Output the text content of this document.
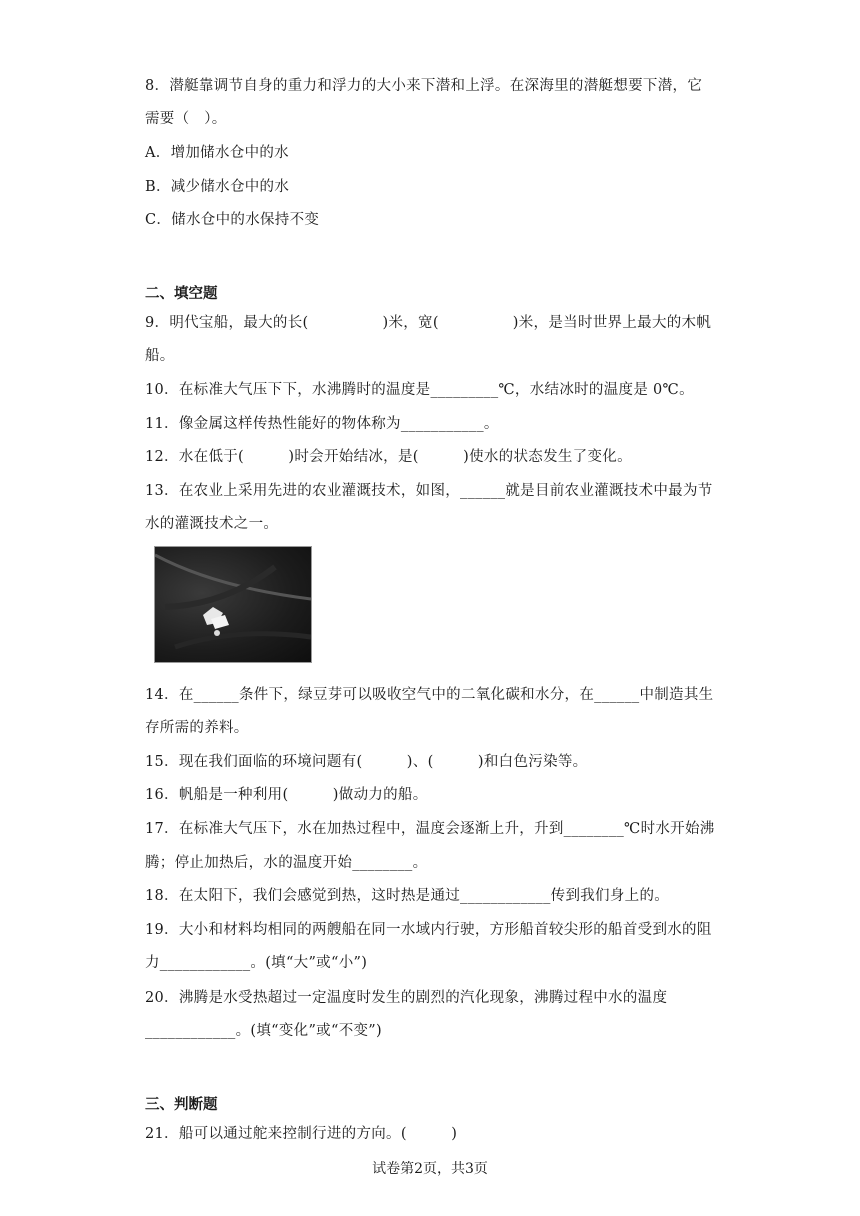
8．潜艇靠调节自身的重力和浮力的大小来下潜和上浮。在深海里的潜艇想要下潜，它
需要（　）。
A．增加储水仓中的水
B．减少储水仓中的水
C．储水仓中的水保持不变
二、填空题
9．明代宝船，最大的长(　　　　　)米，宽(　　　　　)米，是当时世界上最大的木帆
船。
10．在标准大气压下下，水沸腾时的温度是_________℃，水结冰时的温度是 0℃。
11．像金属这样传热性能好的物体称为___________。
12．水在低于(　　　)时会开始结冰，是(　　　)使水的状态发生了变化。
13．在农业上采用先进的农业灌溉技术，如图，______就是目前农业灌溉技术中最为节
水的灌溉技术之一。
14．在______条件下，绿豆芽可以吸收空气中的二氧化碳和水分，在______中制造其生
存所需的养料。
15．现在我们面临的环境问题有(　　　)、(　　　)和白色污染等。
16．帆船是一种利用(　　　)做动力的船。
17．在标准大气压下，水在加热过程中，温度会逐渐上升，升到________℃时水开始沸
腾；停止加热后，水的温度开始________。
18．在太阳下，我们会感觉到热，这时热是通过____________传到我们身上的。
19．大小和材料均相同的两艘船在同一水域内行驶，方形船首较尖形的船首受到水的阻
力____________。(填“大”或“小”)
20．沸腾是水受热超过一定温度时发生的剧烈的汽化现象，沸腾过程中水的温度
____________。(填“变化”或“不变”)
三、判断题
21．船可以通过舵来控制行进的方向。(　　　)
试卷第2页，共3页
